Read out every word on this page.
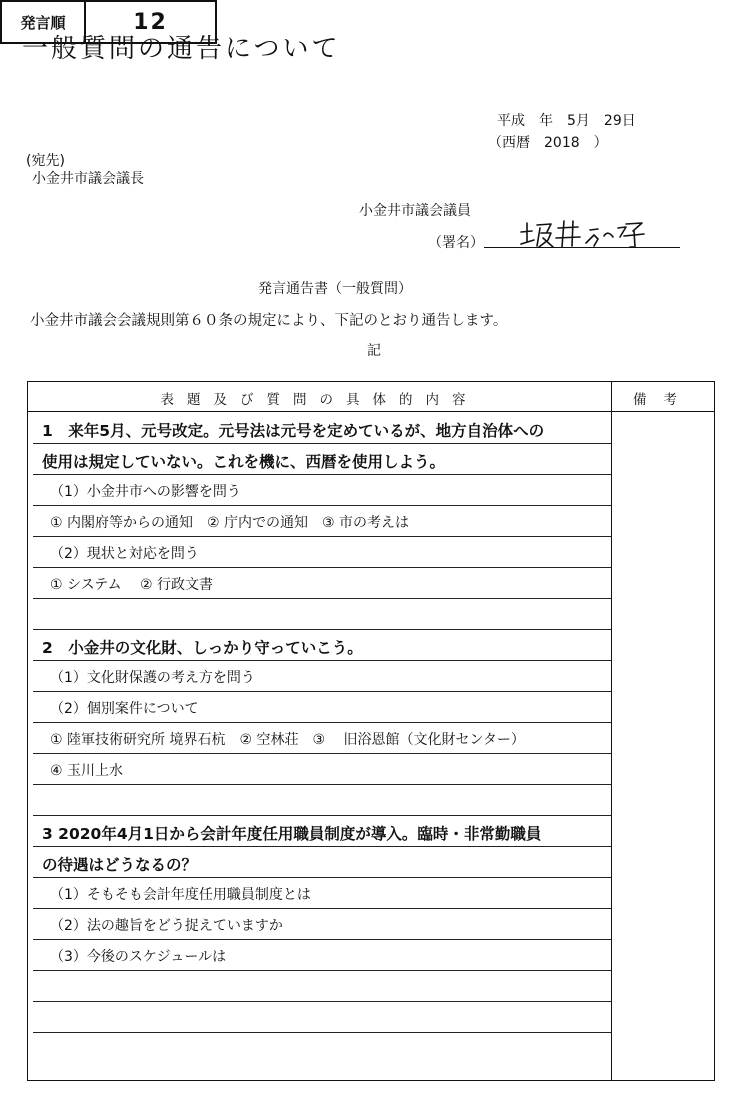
一般質問の通告について
発言順	12
平成　年　5月　29日
（西暦　2018　）
(宛先)
小金井市議会議長
小金井市議会議員
（署名）
発言通告書（一般質問）
小金井市議会会議規則第６０条の規定により、下記のとおり通告します。
記
表題及び質問の具体的内容	備考
1　来年5月、元号改定。元号法は元号を定めているが、地方自治体への
使用は規定していない。これを機に、西暦を使用しよう。
（1）小金井市への影響を問う
① 内閣府等からの通知　② 庁内での通知　③ 市の考えは
（2）現状と対応を問う
① システム　 ② 行政文書
2　小金井の文化財、しっかり守っていこう。
（1）文化財保護の考え方を問う
（2）個別案件について
① 陸軍技術研究所 境界石杭　② 空林荘　③　 旧浴恩館（文化財センター）
④ 玉川上水
3 2020年4月1日から会計年度任用職員制度が導入。臨時・非常勤職員
の待遇はどうなるの？
（1）そもそも会計年度任用職員制度とは
（2）法の趣旨をどう捉えていますか
（3）今後のスケジュールは
